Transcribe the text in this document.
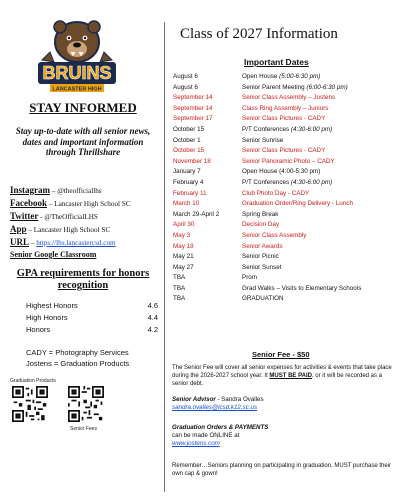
BRUINS
LANCASTER HIGH
STAY INFORMED
Stay up-to-date with all senior news, dates and important information through Thrillshare
Instagram – @theofficiallhs
Facebook – Lancaster High School SC
Twitter - @TheOfficialLHS
App – Lancaster High School SC
URL – https://lhs.lancastercsd.com
Senior Google Classroom
GPA requirements for honors recognition
Highest Honors	4.6
High Honors	4.4
Honors	4.2
CADY = Photography Services
Jostens = Graduation Products
Graduation Products
Senior Fees
Class of 2027 Information
Important Dates
August 6	Open House (5:00-6:30 pm)
August 6	Senior Parent Meeting (6:00-6:30 pm)
September 14	Senior Class Assembly – Jostens
September 14	Class Ring Assembly – Juniors
September 17	Senior Class Pictures - CADY
October 15	P/T Conferences (4:30-6:00 pm)
October 1	Senior Sunrise
October 15	Senior Class Pictures - CADY
November 18	Senior Panoramic Photo – CADY
January 7	Open House (4:00-5:30 pm)
February 4	P/T Conferences (4:30-6:00 pm)
February 11	Club Photo Day - CADY
March 10	Graduation Order/Ring Delivery - Lunch
March 29-April 2	Spring Break
April 30	Decision Day
May 3	Senior Class Assembly
May 18	Senior Awards
May 21	Senior Picnic
May 27	Senior Sunset
TBA	Prom
TBA	Grad Walks – Visits to Elementary Schools
TBA	GRADUATION
Senior Fee - $50
The Senior Fee will cover all senior expenses for activities & events that take place during the 2026-2027 school year. It MUST BE PAID, or it will be recorded as a senior debt.
Senior Advisor - Sandra Ovalles
sandra.ovalles@lcsd.k12.sc.us
Graduation Orders & PAYMENTS
can be made ONLINE at
www.jostens.com
Remember…Seniors planning on participating in graduation, MUST purchase their own cap & gown!
